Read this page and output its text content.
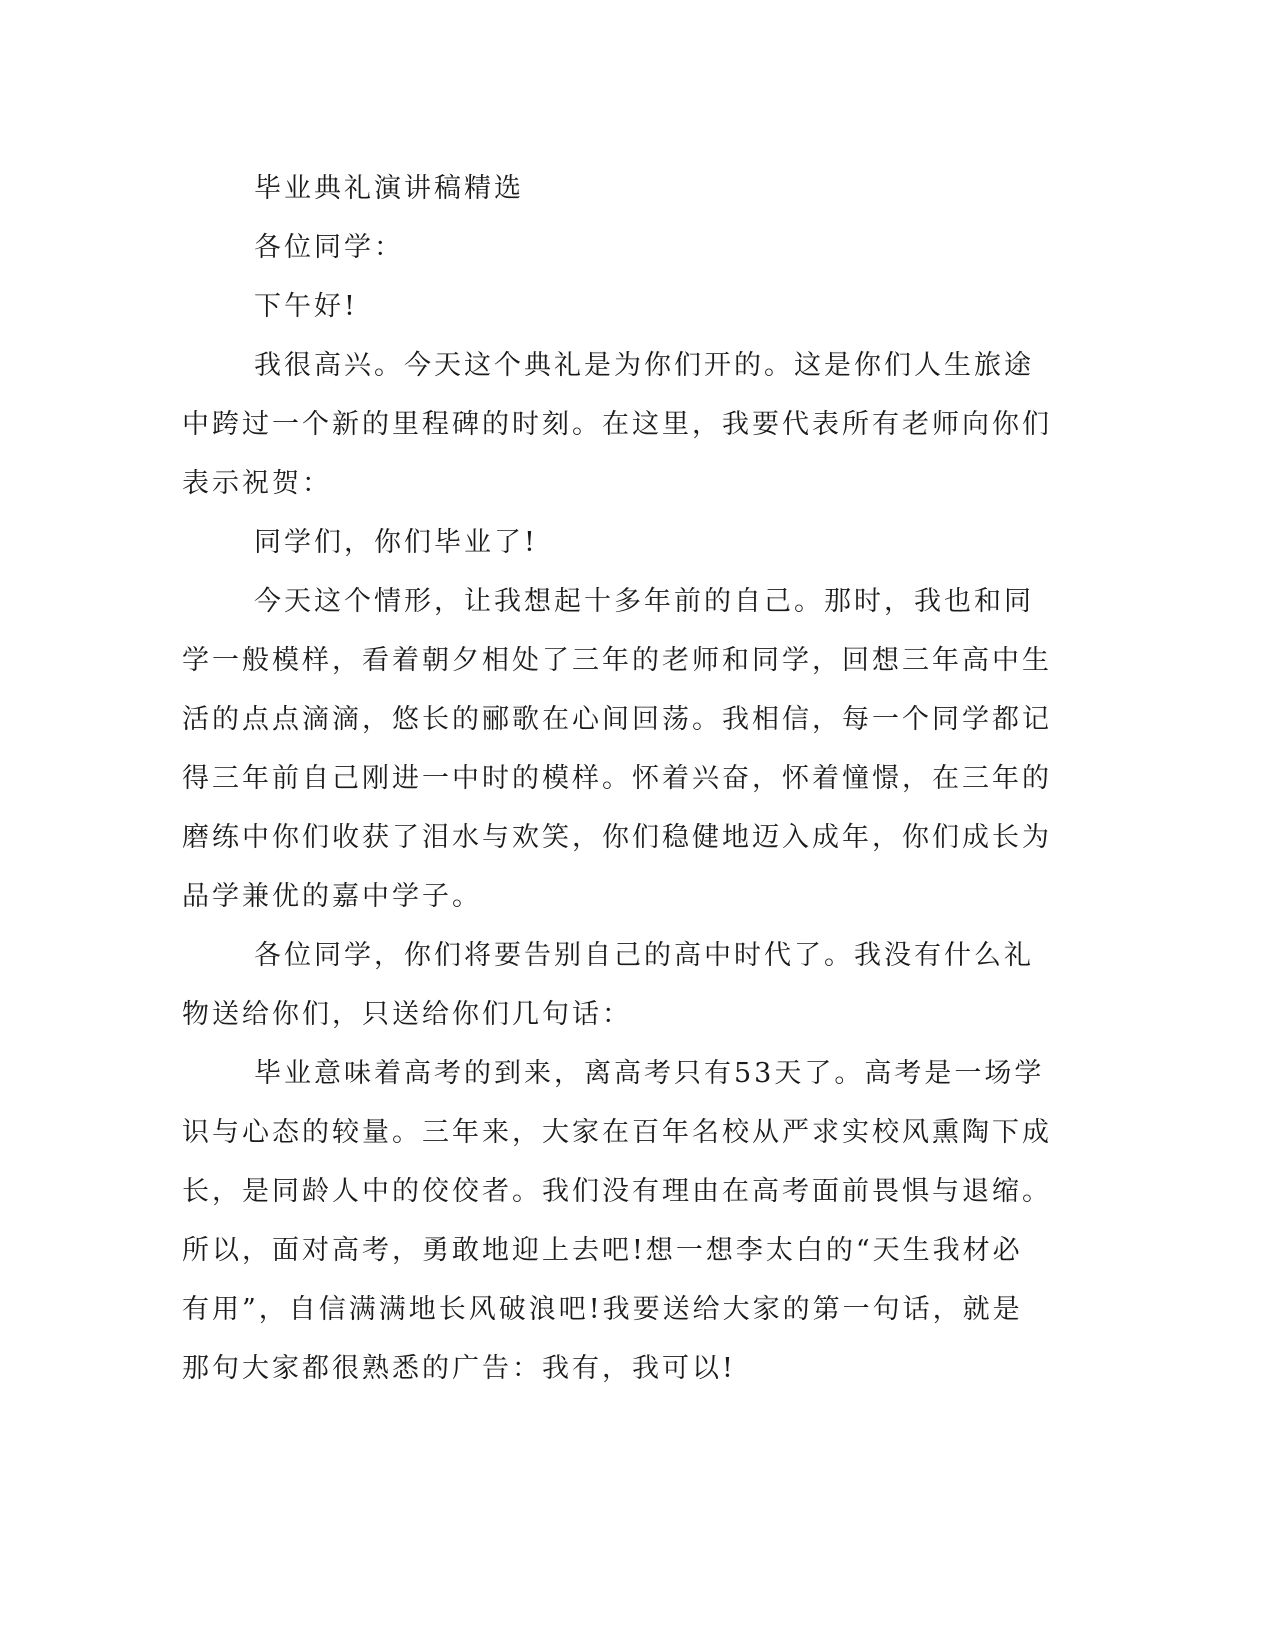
毕业典礼演讲稿精选

各位同学：

下午好!

我很高兴。今天这个典礼是为你们开的。这是你们人生旅途中跨过一个新的里程碑的时刻。在这里，我要代表所有老师向你们表示祝贺：

同学们，你们毕业了!

今天这个情形，让我想起十多年前的自己。那时，我也和同学一般模样，看着朝夕相处了三年的老师和同学，回想三年高中生活的点点滴滴，悠长的郦歌在心间回荡。我相信，每一个同学都记得三年前自己刚进一中时的模样。怀着兴奋，怀着憧憬，在三年的磨练中你们收获了泪水与欢笑，你们稳健地迈入成年，你们成长为品学兼优的嘉中学子。

各位同学，你们将要告别自己的高中时代了。我没有什么礼物送给你们，只送给你们几句话：

毕业意味着高考的到来，离高考只有53天了。高考是一场学识与心态的较量。三年来，大家在百年名校从严求实校风熏陶下成长，是同龄人中的佼佼者。我们没有理由在高考面前畏惧与退缩。所以，面对高考，勇敢地迎上去吧!想一想李太白的“天生我材必有用”，自信满满地长风破浪吧!我要送给大家的第一句话，就是那句大家都很熟悉的广告：我有，我可以!
